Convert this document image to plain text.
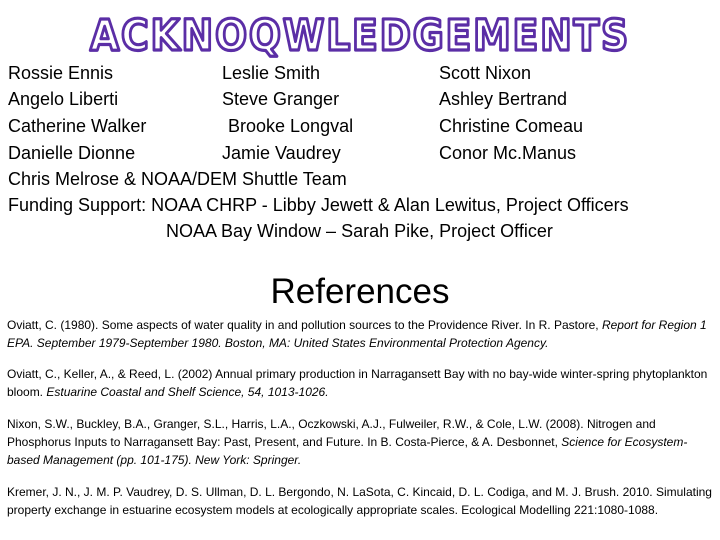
ACKNOQWLEDGEMENTS
Rossie Ennis	Leslie Smith	Scott Nixon
Angelo Liberti	Steve Granger	Ashley Bertrand
Catherine Walker	Brooke Longval	Christine Comeau
Danielle Dionne	Jamie Vaudrey	Conor Mc.Manus
Chris Melrose & NOAA/DEM Shuttle Team
Funding Support: NOAA CHRP - Libby Jewett & Alan Lewitus, Project Officers
NOAA Bay Window – Sarah Pike, Project Officer
References
Oviatt, C. (1980). Some aspects of water quality in and pollution sources to the Providence River. In R. Pastore, Report for Region 1 EPA. September 1979-September 1980. Boston, MA: United States Environmental Protection Agency.
Oviatt, C., Keller, A., & Reed, L. (2002) Annual primary production in Narragansett Bay with no bay-wide winter-spring phytoplankton bloom. Estuarine Coastal and Shelf Science, 54, 1013-1026.
Nixon, S.W., Buckley, B.A., Granger, S.L., Harris, L.A., Oczkowski, A.J., Fulweiler, R.W., & Cole, L.W. (2008). Nitrogen and Phosphorus Inputs to Narragansett Bay: Past, Present, and Future. In B. Costa-Pierce, & A. Desbonnet, Science for Ecosystem-based Management (pp. 101-175). New York: Springer.
Kremer, J. N., J. M. P. Vaudrey, D. S. Ullman, D. L. Bergondo, N. LaSota, C. Kincaid, D. L. Codiga, and M. J. Brush. 2010. Simulating property exchange in estuarine ecosystem models at ecologically appropriate scales. Ecological Modelling 221:1080-1088.
